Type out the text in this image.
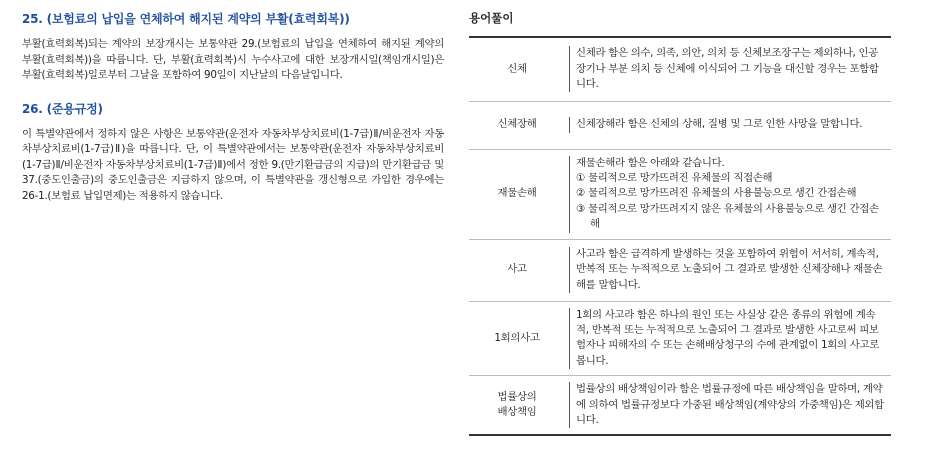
25. (보험료의 납입을 연체하여 해지된 계약의 부활(효력회복))
부활(효력회복)되는 계약의 보장개시는 보통약관 29.(보험료의 납입을 연체하여 해지된 계약의 부활(효력회복))을 따릅니다. 단, 부활(효력회복)시 누수사고에 대한 보장개시일(책임개시일)은 부활(효력회복)일로부터 그날을 포함하여 90일이 지난날의 다음날입니다.
26. (준용규정)
이 특별약관에서 정하지 않은 사항은 보통약관(운전자 자동차부상치료비(1-7급)Ⅱ/비운전자 자동차부상치료비(1-7급)Ⅱ)을 따릅니다. 단, 이 특별약관에서는 보통약관(운전자 자동차부상치료비(1-7급)Ⅱ/비운전자 자동차부상치료비(1-7급)Ⅱ)에서 정한 9.(만기환급금의 지급)의 만기환급금 및 37.(중도인출금)의 중도인출금은 지급하지 않으며, 이 특별약관을 갱신형으로 가입한 경우에는 26-1.(보험료 납입면제)는 적용하지 않습니다.
용어풀이
신체	신체라 함은 의수, 의족, 의안, 의치 등 신체보조장구는 제외하나, 인공장기나 부분 의치 등 신체에 이식되어 그 기능을 대신할 경우는 포함합니다.

신체장해	신체장해라 함은 신체의 상해, 질병 및 그로 인한 사망을 말합니다.

재물손해	재물손해라 함은 아래와 같습니다.
① 물리적으로 망가뜨려진 유체물의 직접손해
② 물리적으로 망가뜨려진 유체물의 사용불능으로 생긴 간접손해
③ 물리적으로 망가뜨려지지 않은 유체물의 사용불능으로 생긴 간접손해

사고	사고라 함은 급격하게 발생하는 것을 포함하여 위험이 서서히, 계속적, 반복적 또는 누적적으로 노출되어 그 결과로 발생한 신체장해나 재물손해를 말합니다.

1회의사고	1회의 사고라 함은 하나의 원인 또는 사실상 같은 종류의 위험에 계속적, 반복적 또는 누적적으로 노출되어 그 결과로 발생한 사고로써 피보험자나 피해자의 수 또는 손해배상청구의 수에 관계없이 1회의 사고로 봅니다.

법률상의
배상책임	법률상의 배상책임이라 함은 법률규정에 따른 배상책임을 말하며, 계약에 의하여 법률규정보다 가중된 배상책임(계약상의 가중책임)은 제외합니다.
